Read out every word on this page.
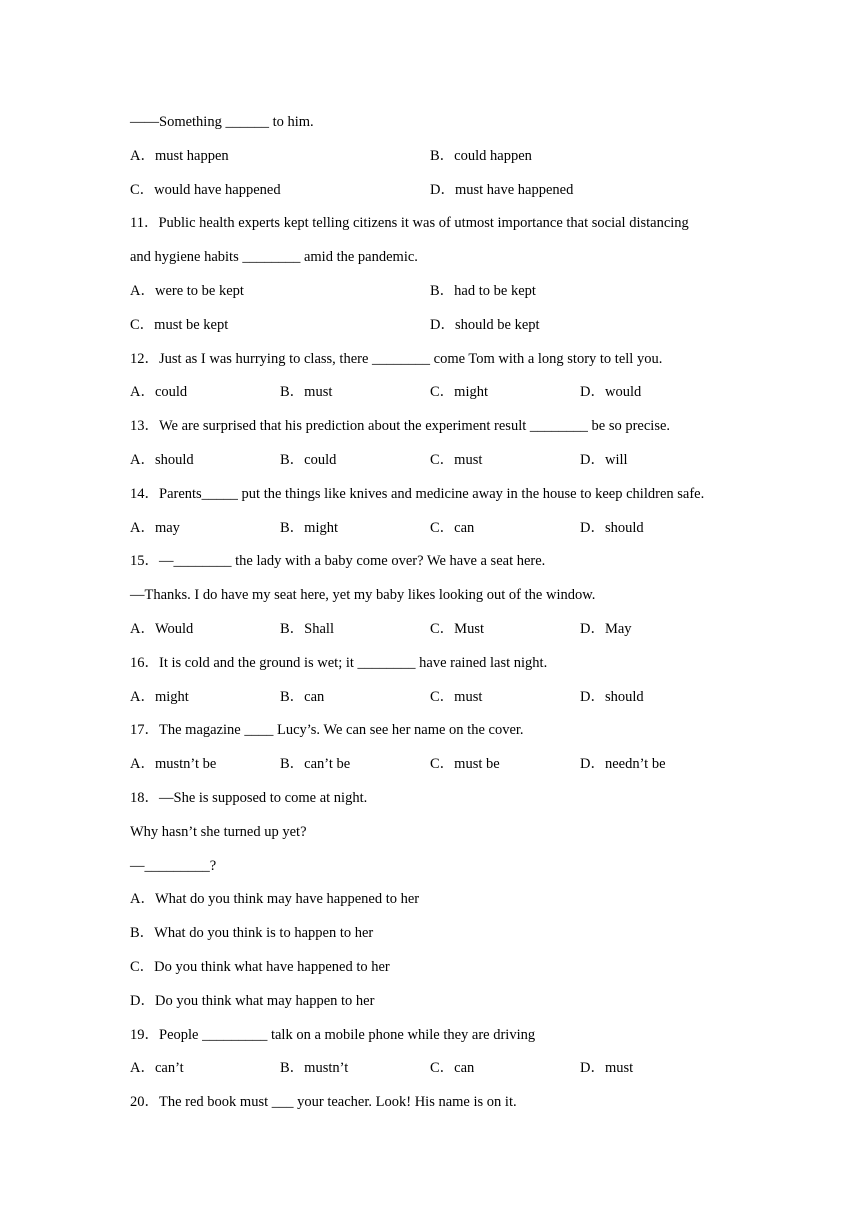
——Something ______ to him.
A．must happen	B．could happen
C．would have happened	D．must have happened
11．Public health experts kept telling citizens it was of utmost importance that social distancing
and hygiene habits ________ amid the pandemic.
A．were to be kept	B．had to be kept
C．must be kept	D．should be kept
12．Just as I was hurrying to class, there ________ come Tom with a long story to tell you.
A．could	B．must	C．might	D．would
13．We are surprised that his prediction about the experiment result ________ be so precise.
A．should	B．could	C．must	D．will
14．Parents_____ put the things like knives and medicine away in the house to keep children safe.
A．may	B．might	C．can	D．should
15．—________ the lady with a baby come over? We have a seat here.
—Thanks. I do have my seat here, yet my baby likes looking out of the window.
A．Would	B．Shall	C．Must	D．May
16．It is cold and the ground is wet; it ________ have rained last night.
A．might	B．can	C．must	D．should
17．The magazine ____ Lucy’s. We can see her name on the cover.
A．mustn’t be	B．can’t be	C．must be	D．needn’t be
18．—She is supposed to come at night.
Why hasn’t she turned up yet?
—_________?
A．What do you think may have happened to her
B．What do you think is to happen to her
C．Do you think what have happened to her
D．Do you think what may happen to her
19．People _________ talk on a mobile phone while they are driving
A．can’t	B．mustn’t	C．can	D．must
20．The red book must ___ your teacher. Look! His name is on it.
